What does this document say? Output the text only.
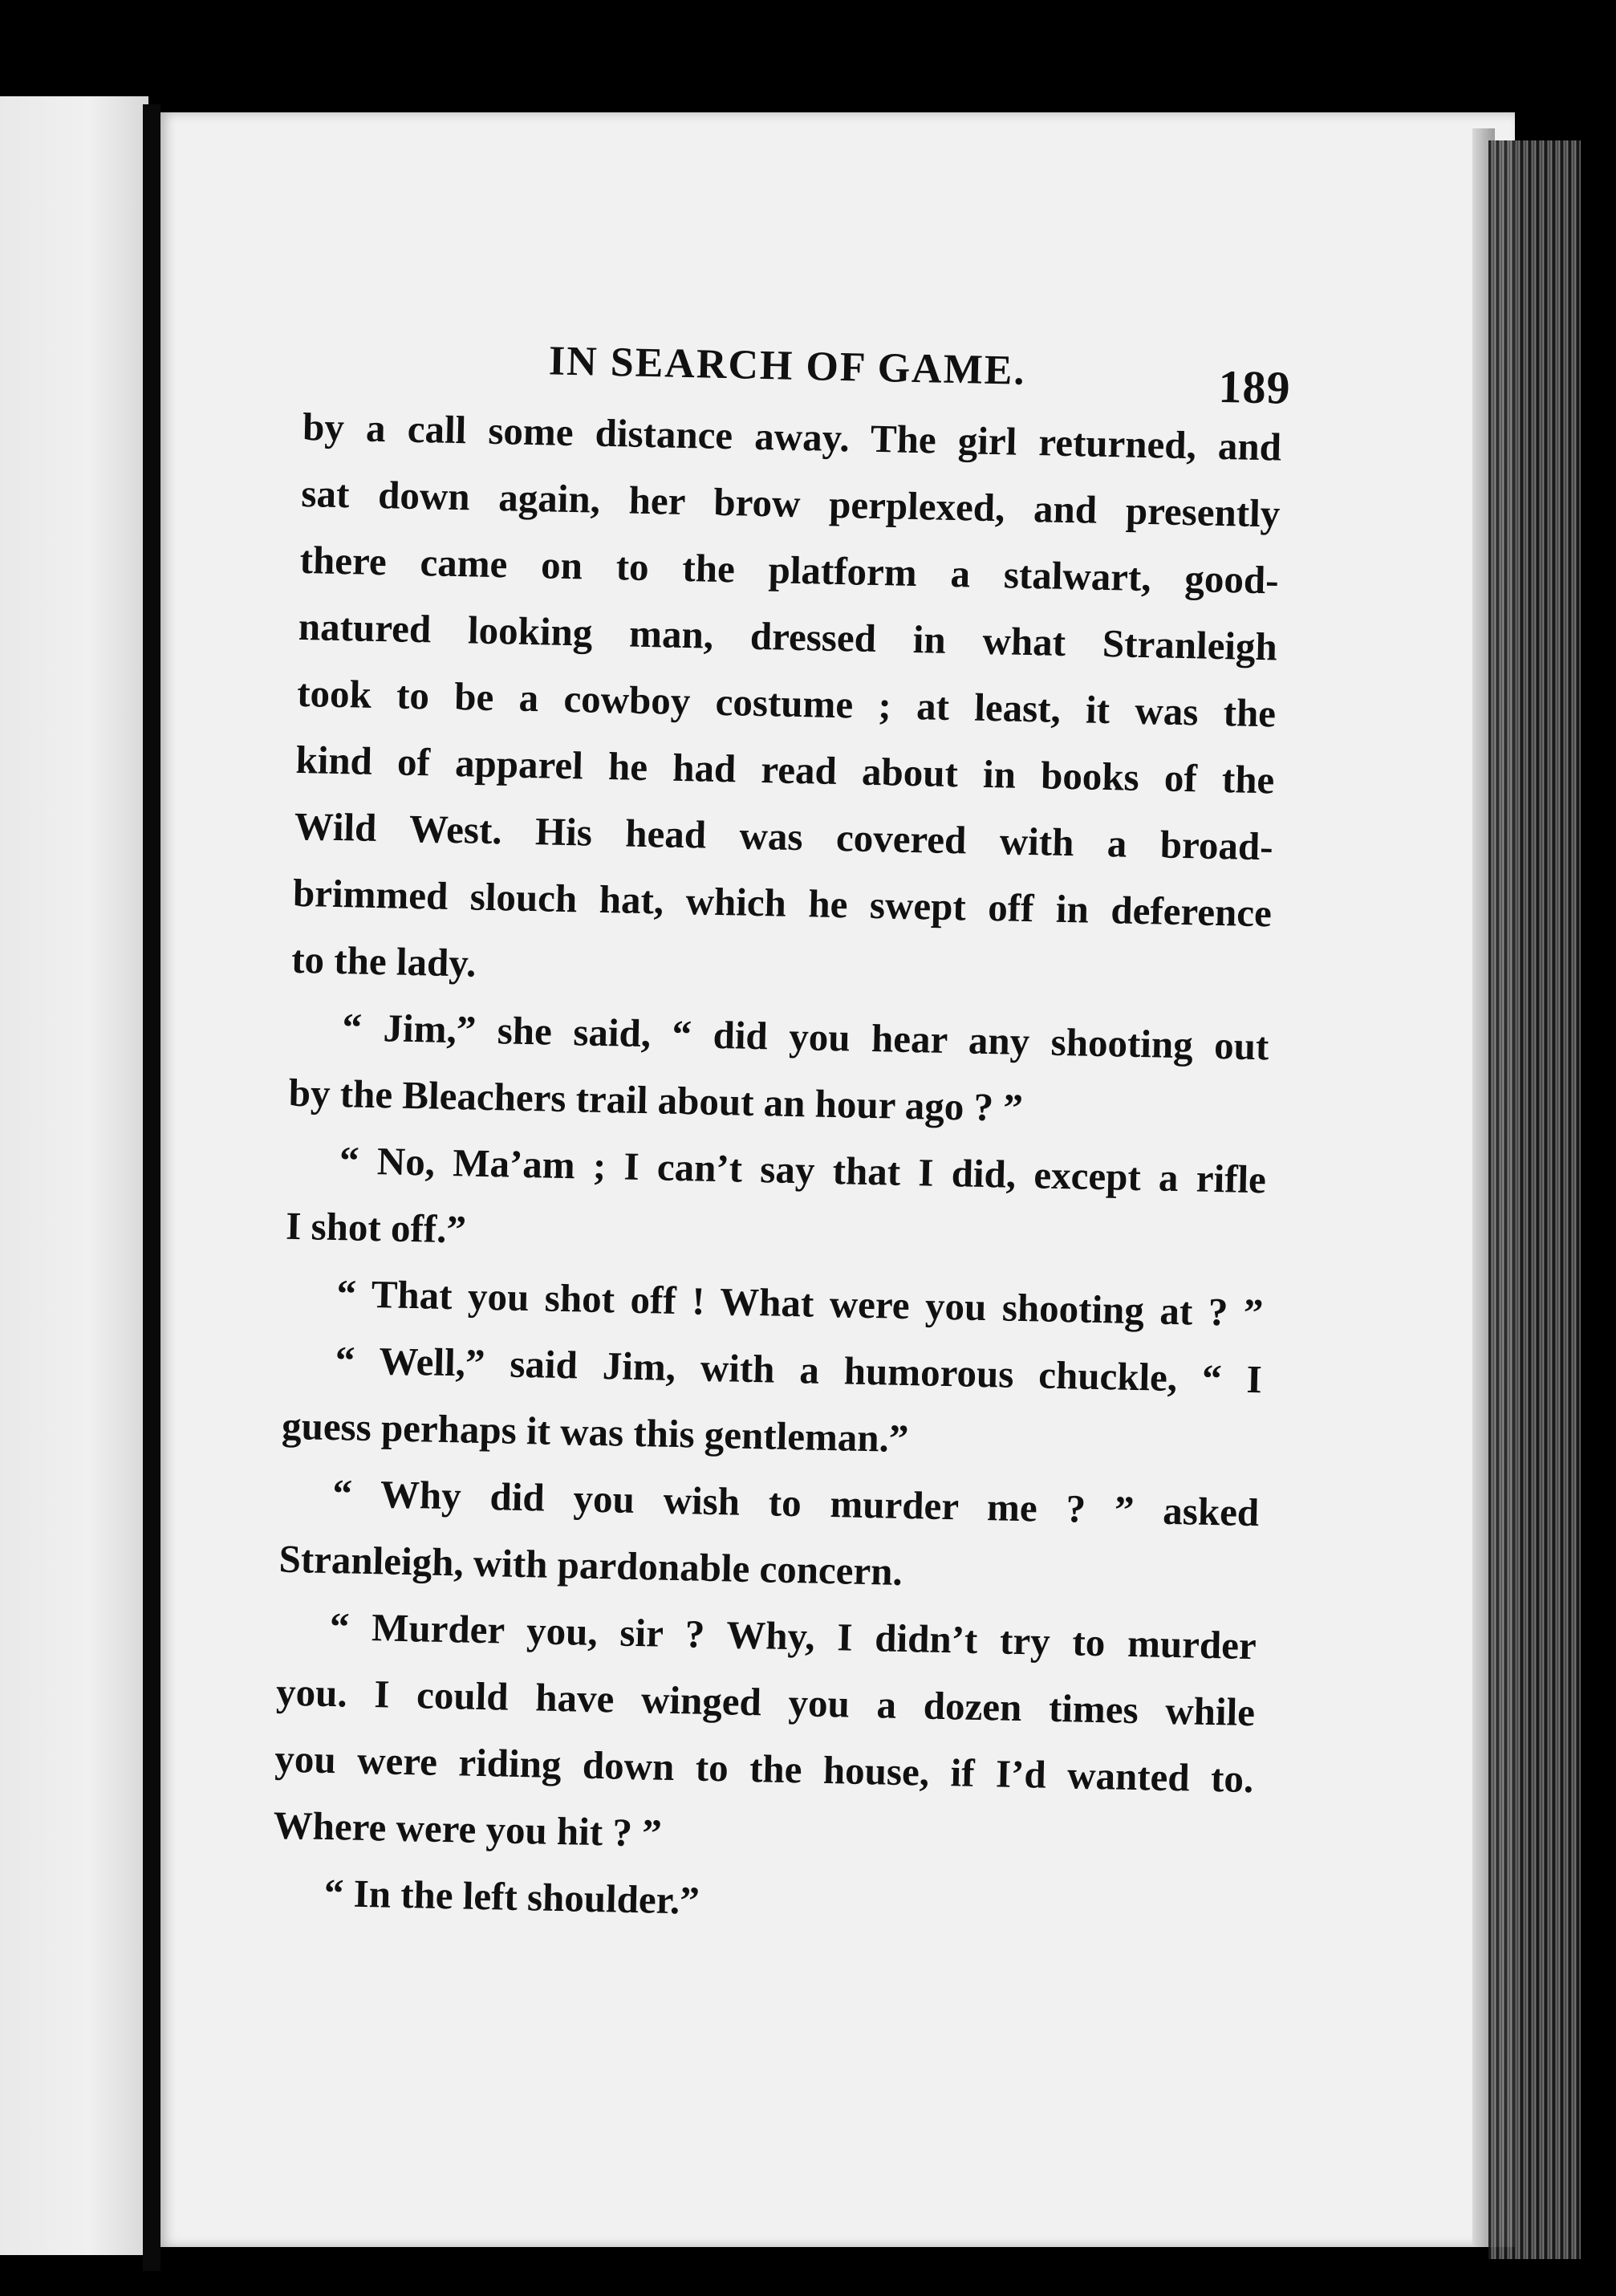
IN SEARCH OF GAME.	189
by a call some distance away. The girl returned, and
sat down again, her brow perplexed, and presently
there came on to the platform a stalwart, good-
natured looking man, dressed in what Stranleigh
took to be a cowboy costume ; at least, it was the
kind of apparel he had read about in books of the
Wild West. His head was covered with a broad-
brimmed slouch hat, which he swept off in deference
to the lady.
“ Jim,” she said, “ did you hear any shooting out
by the Bleachers trail about an hour ago ? ”
“ No, Ma’am ; I can’t say that I did, except a rifle
I shot off.”
“ That you shot off ! What were you shooting at ? ”
“ Well,” said Jim, with a humorous chuckle, “ I
guess perhaps it was this gentleman.”
“ Why did you wish to murder me ? ” asked
Stranleigh, with pardonable concern.
“ Murder you, sir ? Why, I didn’t try to murder
you. I could have winged you a dozen times while
you were riding down to the house, if I’d wanted to.
Where were you hit ? ”
“ In the left shoulder.”
